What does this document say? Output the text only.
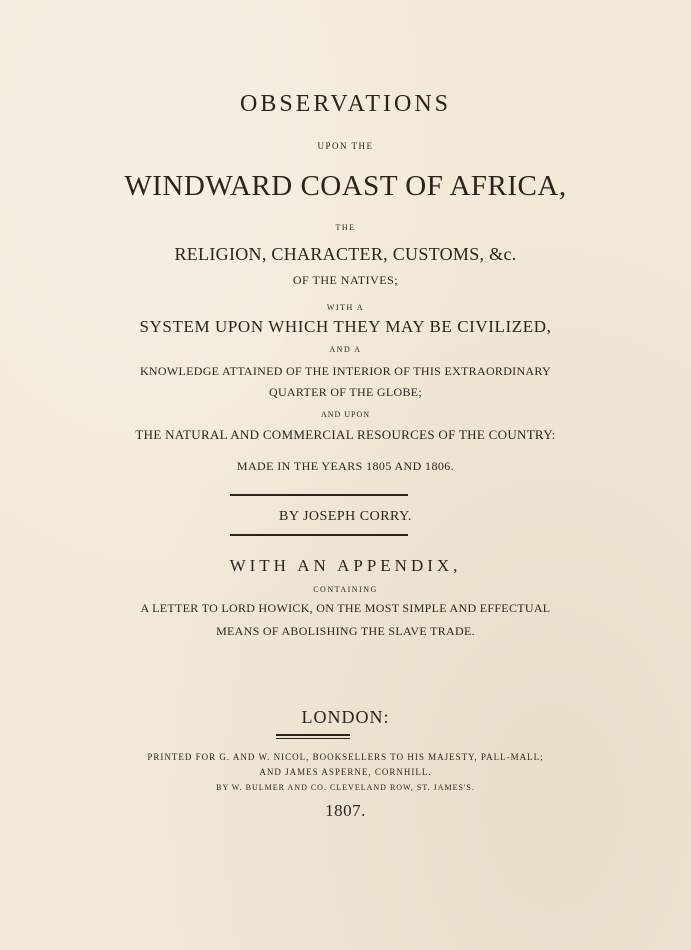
OBSERVATIONS
UPON THE
WINDWARD COAST OF AFRICA,
THE
RELIGION, CHARACTER, CUSTOMS, &c.
OF THE NATIVES;
WITH A
SYSTEM UPON WHICH THEY MAY BE CIVILIZED,
AND A
KNOWLEDGE ATTAINED OF THE INTERIOR OF THIS EXTRAORDINARY
QUARTER OF THE GLOBE;
AND UPON
THE NATURAL AND COMMERCIAL RESOURCES OF THE COUNTRY:
MADE IN THE YEARS 1805 AND 1806.
BY JOSEPH CORRY.
WITH AN APPENDIX,
CONTAINING
A LETTER TO LORD HOWICK, ON THE MOST SIMPLE AND EFFECTUAL
MEANS OF ABOLISHING THE SLAVE TRADE.
LONDON:
PRINTED FOR G. AND W. NICOL, BOOKSELLERS TO HIS MAJESTY, PALL-MALL;
AND JAMES ASPERNE, CORNHILL.
BY W. BULMER AND CO. CLEVELAND ROW, ST. JAMES'S.
1807.
